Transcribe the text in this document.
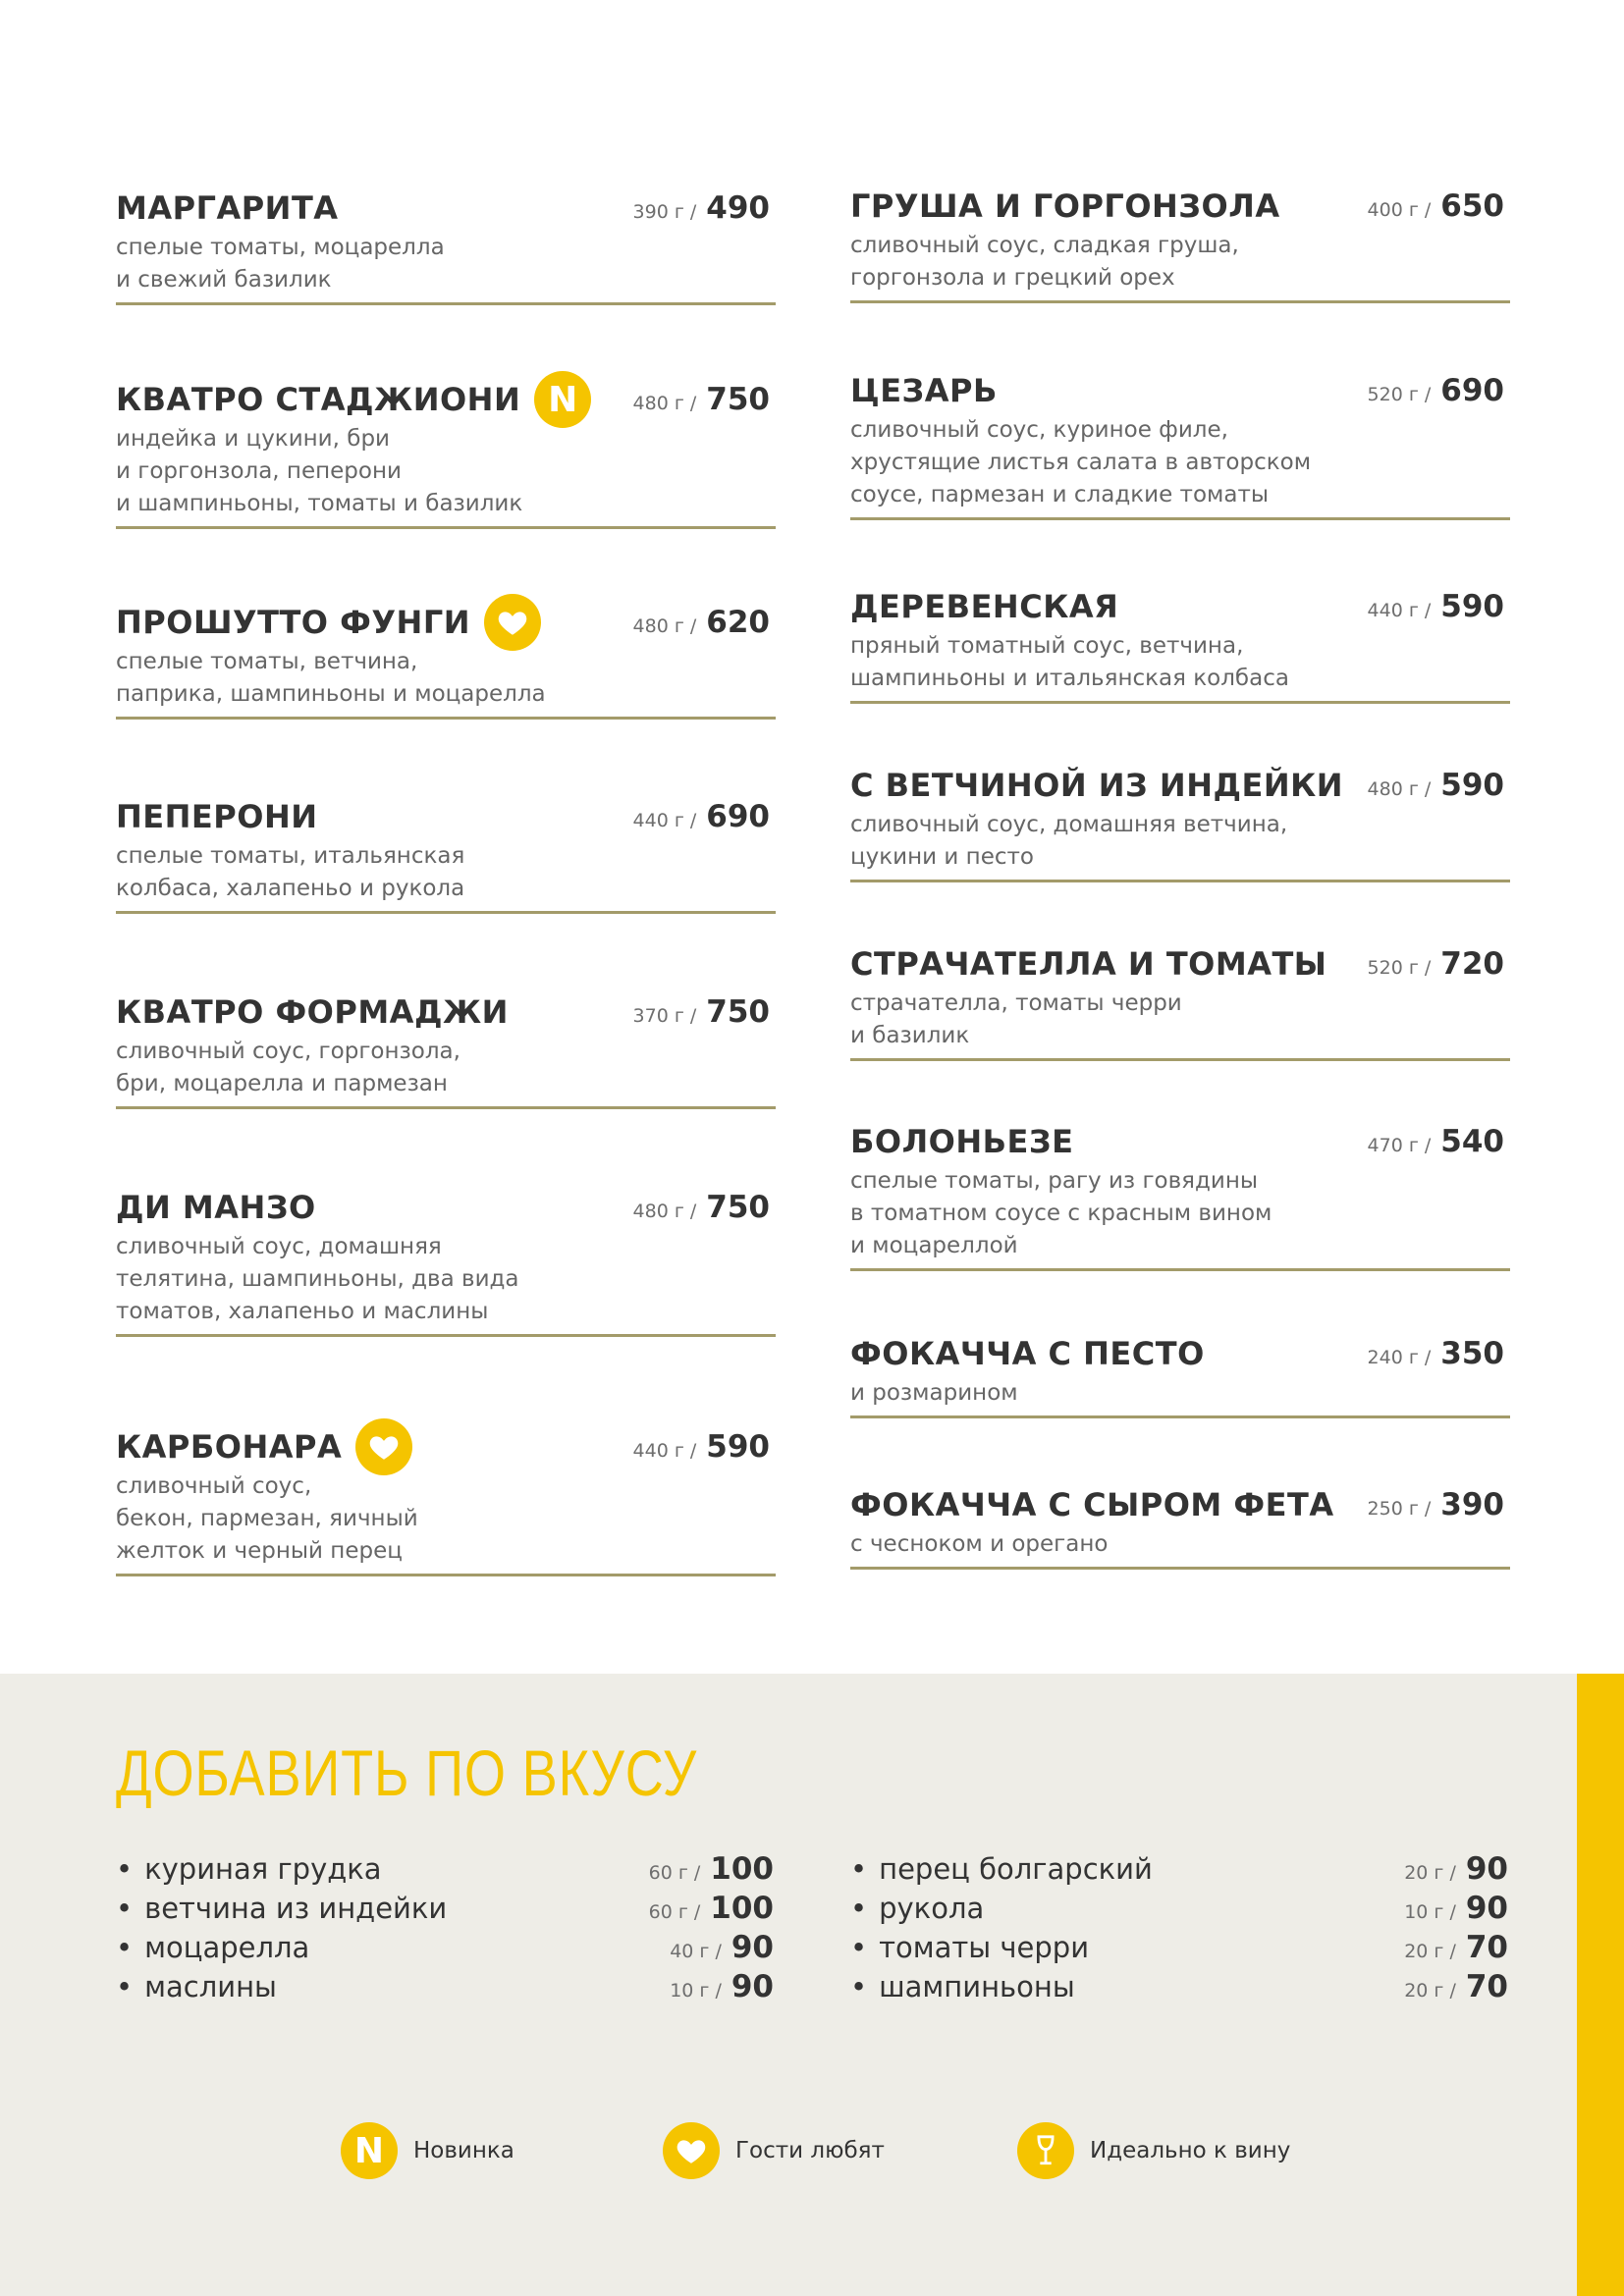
МАРГАРИТА	390 г / 490
спелые томаты, моцарелла
и свежий базилик
КВАТРО СТАДЖИОНИ N	480 г / 750
индейка и цукини, бри
и горгонзола, пеперони
и шампиньоны, томаты и базилик
ПРОШУТТО ФУНГИ	480 г / 620
спелые томаты, ветчина,
паприка, шампиньоны и моцарелла
ПЕПЕРОНИ	440 г / 690
спелые томаты, итальянская
колбаса, халапеньо и рукола
КВАТРО ФОРМАДЖИ	370 г / 750
сливочный соус, горгонзола,
бри, моцарелла и пармезан
ДИ МАНЗО	480 г / 750
сливочный соус, домашняя
телятина, шампиньоны, два вида
томатов, халапеньо и маслины
КАРБОНАРА	440 г / 590
сливочный соус,
бекон, пармезан, яичный
желток и черный перец
ГРУША И ГОРГОНЗОЛА	400 г / 650
сливочный соус, сладкая груша,
горгонзола и грецкий орех
ЦЕЗАРЬ	520 г / 690
сливочный соус, куриное филе,
хрустящие листья салата в авторском
соусе, пармезан и сладкие томаты
ДЕРЕВЕНСКАЯ	440 г / 590
пряный томатный соус, ветчина,
шампиньоны и итальянская колбаса
С ВЕТЧИНОЙ ИЗ ИНДЕЙКИ 480 г / 590
сливочный соус, домашняя ветчина,
цукини и песто
СТРАЧАТЕЛЛА И ТОМАТЫ 520 г / 720
страчателла, томаты черри
и базилик
БОЛОНЬЕЗЕ	470 г / 540
спелые томаты, рагу из говядины
в томатном соусе с красным вином
и моцареллой
ФОКАЧЧА С ПЕСТО	240 г / 350
и розмарином
ФОКАЧЧА С СЫРОМ ФЕТА 250 г / 390
с чесноком и орегано
ДОБАВИТЬ ПО ВКУСУ
• куриная грудка	60 г / 100
• ветчина из индейки	60 г / 100
• моцарелла	40 г / 90
• маслины	10 г / 90
• перец болгарский	20 г / 90
• рукола	10 г / 90
• томаты черри	20 г / 70
• шампиньоны	20 г / 70
N	Новинка	Гости любят	Идеально к вину
